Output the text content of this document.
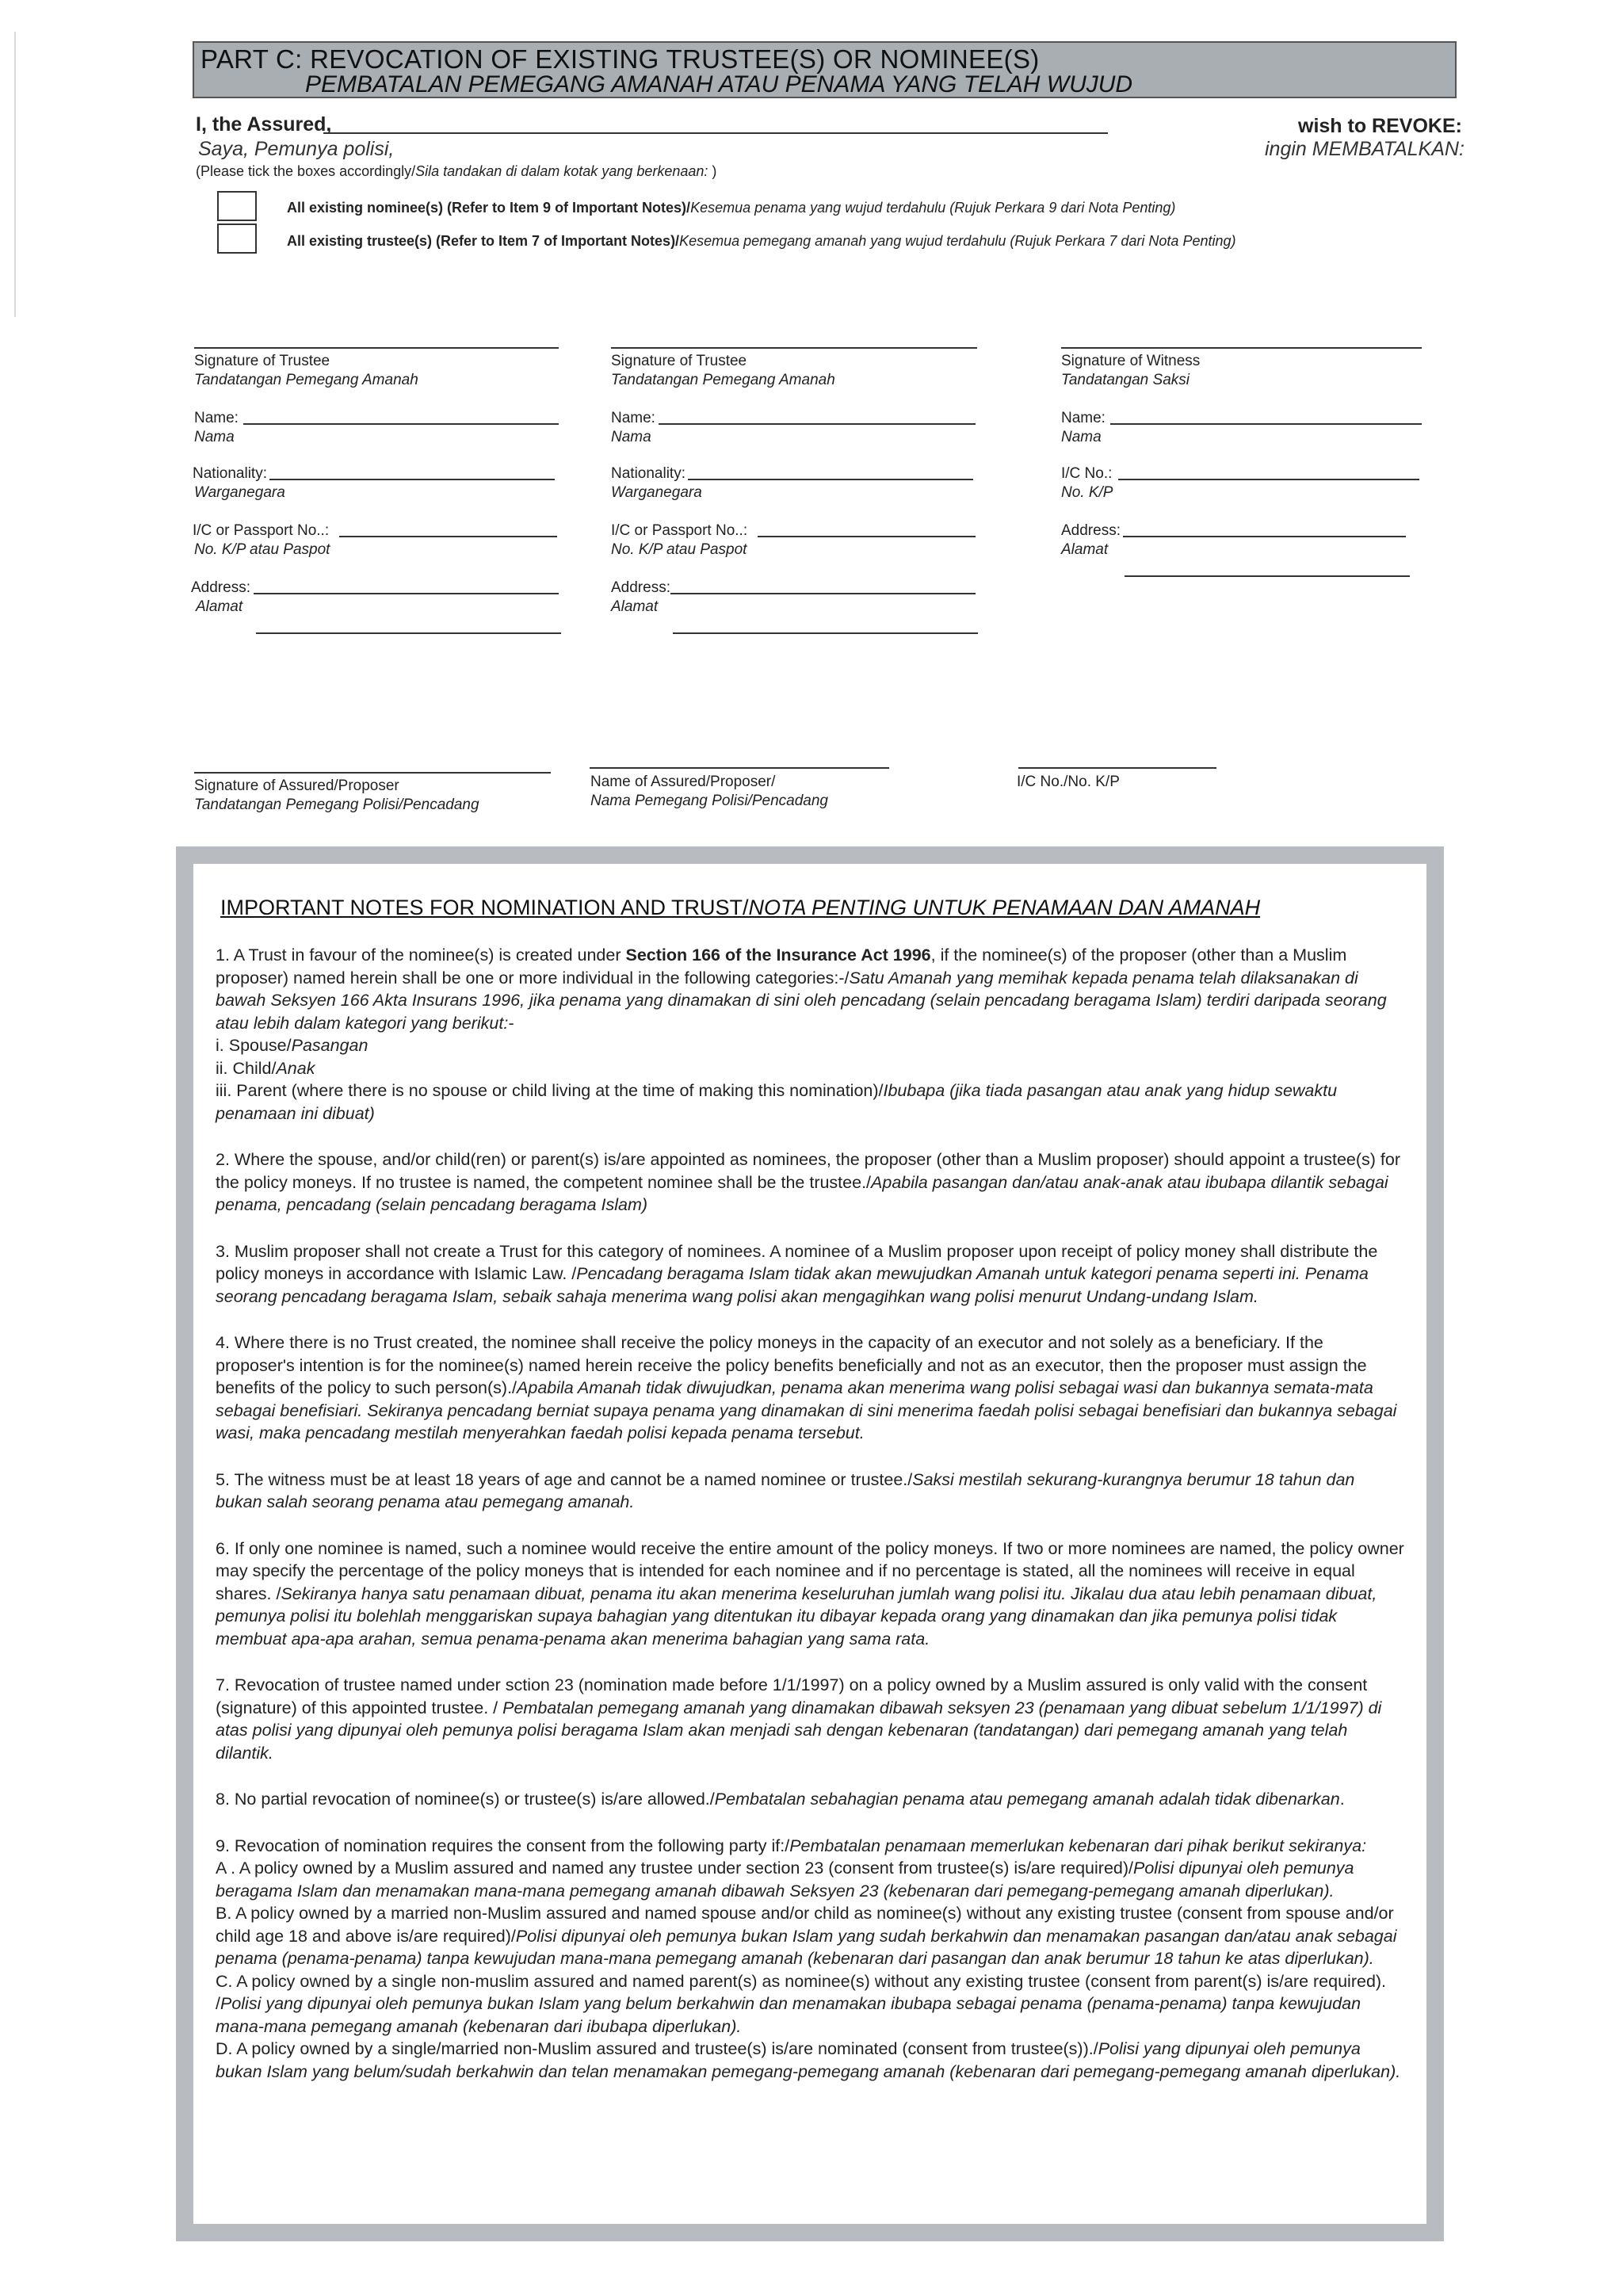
PART C: REVOCATION OF EXISTING TRUSTEE(S) OR NOMINEE(S)
PEMBATALAN PEMEGANG AMANAH ATAU PENAMA YANG TELAH WUJUD
I, the Assured,
Saya, Pemunya polisi,
wish to REVOKE:
ingin MEMBATALKAN:
(Please tick the boxes accordingly/Sila tandakan di dalam kotak yang berkenaan: )
All existing nominee(s) (Refer to Item 9 of Important Notes)/Kesemua penama yang wujud terdahulu (Rujuk Perkara 9 dari Nota Penting)
All existing trustee(s) (Refer to Item 7 of Important Notes)/Kesemua pemegang amanah yang wujud terdahulu (Rujuk Perkara 7 dari Nota Penting)
Signature of Trustee
Tandatangan Pemegang Amanah
Name:
Nama
Nationality:
Warganegara
I/C or Passport No..:
No. K/P atau Paspot
Address:
Alamat
Signature of Trustee
Tandatangan Pemegang Amanah
Name:
Nama
Nationality:
Warganegara
I/C or Passport No..:
No. K/P atau Paspot
Address:
Alamat
Signature of Witness
Tandatangan Saksi
Name:
Nama
I/C No.:
No. K/P
Address:
Alamat
Signature of Assured/Proposer
Tandatangan Pemegang Polisi/Pencadang
Name of Assured/Proposer/
Nama Pemegang Polisi/Pencadang
I/C No./No. K/P
IMPORTANT NOTES FOR NOMINATION AND TRUST/NOTA PENTING UNTUK PENAMAAN DAN AMANAH

1. A Trust in favour of the nominee(s) is created under Section 166 of the Insurance Act 1996, if the nominee(s) of the proposer (other than a Muslim proposer) named herein shall be one or more individual in the following categories:-/Satu Amanah yang memihak kepada penama telah dilaksanakan di bawah Seksyen 166 Akta Insurans 1996, jika penama yang dinamakan di sini oleh pencadang (selain pencadang beragama Islam) terdiri daripada seorang atau lebih dalam kategori yang berikut:-

i. Spouse/Pasangan

ii. Child/Anak

iii. Parent (where there is no spouse or child living at the time of making this nomination)/Ibubapa (jika tiada pasangan atau anak yang hidup sewaktu penamaan ini dibuat)

2. Where the spouse, and/or child(ren) or parent(s) is/are appointed as nominees, the proposer (other than a Muslim proposer) should appoint a trustee(s) for the policy moneys. If no trustee is named, the competent nominee shall be the trustee./Apabila pasangan dan/atau anak-anak atau ibubapa dilantik sebagai penama, pencadang (selain pencadang beragama Islam)

3. Muslim proposer shall not create a Trust for this category of nominees. A nominee of a Muslim proposer upon receipt of policy money shall distribute the policy moneys in accordance with Islamic Law. /Pencadang beragama Islam tidak akan mewujudkan Amanah untuk kategori penama seperti ini. Penama seorang pencadang beragama Islam, sebaik sahaja menerima wang polisi akan mengagihkan wang polisi menurut Undang-undang Islam.

4. Where there is no Trust created, the nominee shall receive the policy moneys in the capacity of an executor and not solely as a beneficiary. If the proposer's intention is for the nominee(s) named herein receive the policy benefits beneficially and not as an executor, then the proposer must assign the benefits of the policy to such person(s)./Apabila Amanah tidak diwujudkan, penama akan menerima wang polisi sebagai wasi dan bukannya semata-mata sebagai benefisiari. Sekiranya pencadang berniat supaya penama yang dinamakan di sini menerima faedah polisi sebagai benefisiari dan bukannya sebagai wasi, maka pencadang mestilah menyerahkan faedah polisi kepada penama tersebut.

5. The witness must be at least 18 years of age and cannot be a named nominee or trustee./Saksi mestilah sekurang-kurangnya berumur 18 tahun dan bukan salah seorang penama atau pemegang amanah.

6. If only one nominee is named, such a nominee would receive the entire amount of the policy moneys. If two or more nominees are named, the policy owner may specify the percentage of the policy moneys that is intended for each nominee and if no percentage is stated, all the nominees will receive in equal shares. /Sekiranya hanya satu penamaan dibuat, penama itu akan menerima keseluruhan jumlah wang polisi itu. Jikalau dua atau lebih penamaan dibuat, pemunya polisi itu bolehlah menggariskan supaya bahagian yang ditentukan itu dibayar kepada orang yang dinamakan dan jika pemunya polisi tidak membuat apa-apa arahan, semua penama-penama akan menerima bahagian yang sama rata.

7. Revocation of trustee named under sction 23 (nomination made before 1/1/1997) on a policy owned by a Muslim assured is only valid with the consent (signature) of this appointed trustee. / Pembatalan pemegang amanah yang dinamakan dibawah seksyen 23 (penamaan yang dibuat sebelum 1/1/1997) di atas polisi yang dipunyai oleh pemunya polisi beragama Islam akan menjadi sah dengan kebenaran (tandatangan) dari pemegang amanah yang telah dilantik.

8. No partial revocation of nominee(s) or trustee(s) is/are allowed./Pembatalan sebahagian penama atau pemegang amanah adalah tidak dibenarkan.

9. Revocation of nomination requires the consent from the following party if:/Pembatalan penamaan memerlukan kebenaran dari pihak berikut sekiranya:

A . A policy owned by a Muslim assured and named any trustee under section 23 (consent from trustee(s) is/are required)/Polisi dipunyai oleh pemunya beragama Islam dan menamakan mana-mana pemegang amanah dibawah Seksyen 23 (kebenaran dari pemegang-pemegang amanah diperlukan).

B. A policy owned by a married non-Muslim assured and named spouse and/or child as nominee(s) without any existing trustee (consent from spouse and/or child age 18 and above is/are required)/Polisi dipunyai oleh pemunya bukan Islam yang sudah berkahwin dan menamakan pasangan dan/atau anak sebagai penama (penama-penama) tanpa kewujudan mana-mana pemegang amanah (kebenaran dari pasangan dan anak berumur 18 tahun ke atas diperlukan).

C. A policy owned by a single non-muslim assured and named parent(s) as nominee(s) without any existing trustee (consent from parent(s) is/are required). /Polisi yang dipunyai oleh pemunya bukan Islam yang belum berkahwin dan menamakan ibubapa sebagai penama (penama-penama) tanpa kewujudan mana-mana pemegang amanah (kebenaran dari ibubapa diperlukan).

D. A policy owned by a single/married non-Muslim assured and trustee(s) is/are nominated (consent from trustee(s))./Polisi yang dipunyai oleh pemunya bukan Islam yang belum/sudah berkahwin dan telan menamakan pemegang-pemegang amanah (kebenaran dari pemegang-pemegang amanah diperlukan).
